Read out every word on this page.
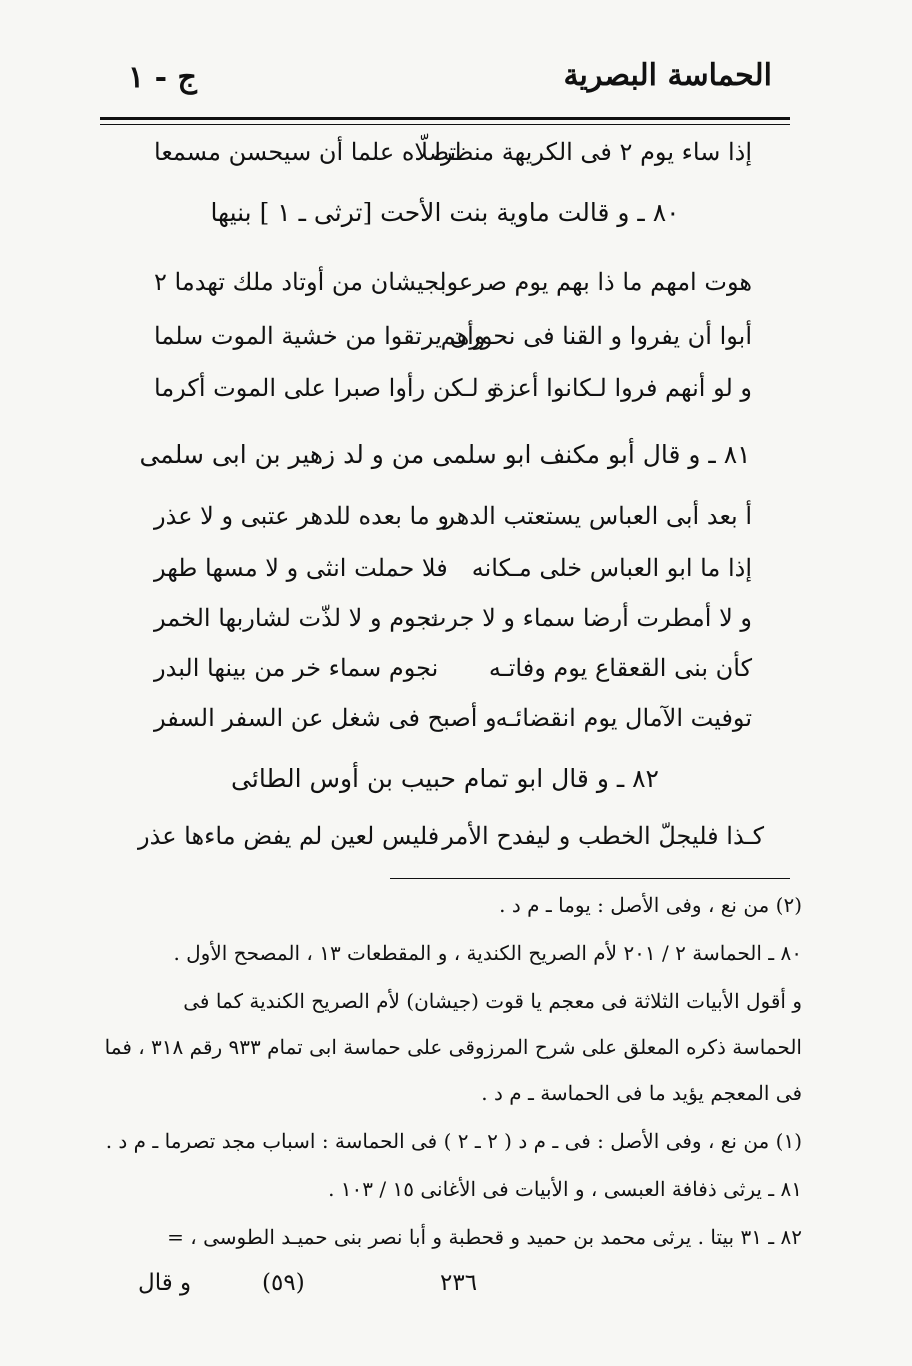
الحماسة البصرية
ج - ١
إذا ساء يوم ٢ فى الكريهة منظرا
تصلّاه علما أن سيحسن مسمعا
٨٠ ـ و قالت ماوية بنت الأحت [ترثى ـ ١ ] بنيها
هوت امهم ما ذا بهم يوم صرعوا
بجيشان من أوتاد ملك تهدما ٢
أبوا أن يفروا و القنا فى نحورهم
وأن يرتقوا من خشية الموت سلما
و لو أنهم فروا لـكانوا أعزة
و لـكن رأوا صبرا على الموت أكرما
٨١ ـ و قال أبو مكنف ابو سلمى من و لد زهير بن ابى سلمى
أ بعد أبى العباس يستعتب الدهر
و ما بعده للدهر عتبى و لا عذر
إذا ما ابو العباس خلى مـكانه
فلا حملت انثى و لا مسها طهر
و لا أمطرت أرضا سماء و لا جرت
نجوم و لا لذّت لشاربها الخمر
كأن بنى القعقاع يوم وفاتـه
نجوم سماء خر من بينها البدر
توفيت الآمال يوم انقضائـه
و أصبح فى شغل عن السفر السفر
٨٢ ـ و قال ابو تمام حبيب بن أوس الطائى
كـذا فليجلّ الخطب و ليفدح الأمر
فليس لعين لم يفض ماءها عذر
(٢) من نع ، وفى الأصل : يوما ـ م د .
٨٠ ـ الحماسة ٢ / ٢٠١ لأم الصريح الكندية ، و المقطعات ١٣ ، المصحح الأول .
و أقول الأبيات الثلاثة فى معجم يا قوت (جيشان) لأم الصريح الكندية كما فى
الحماسة ذكره المعلق على شرح المرزوقى على حماسة ابى تمام ٩٣٣ رقم ٣١٨ ، فما
فى المعجم يؤيد ما فى الحماسة ـ م د .
(١) من نع ، وفى الأصل : فى ـ م د ( ٢ ـ ٢ ) فى الحماسة : اسباب مجد تصرما ـ م د .
٨١ ـ يرثى ذفافة العبسى ، و الأبيات فى الأغانى ١٥ / ١٠٣ .
٨٢ ـ ٣١ بيتا . يرثى محمد بن حميد و قحطبة و أبا نصر بنى حميـد الطوسى ، =
٢٣٦
(٥٩)
و قال
